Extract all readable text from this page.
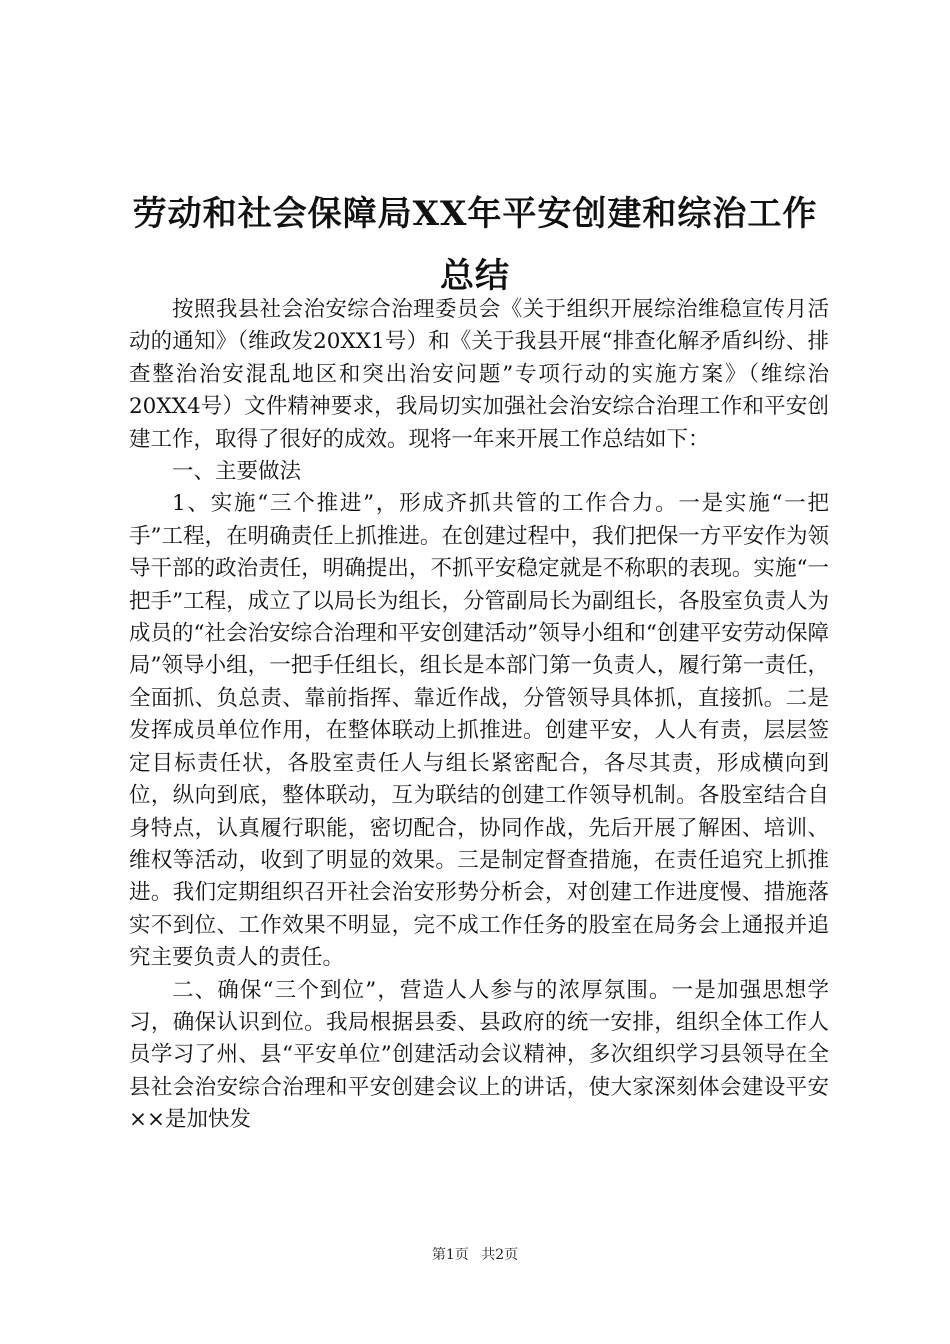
劳动和社会保障局XX年平安创建和综治工作
总结

按照我县社会治安综合治理委员会《关于组织开展综治维稳宣传月活动的通知》（维政发20XX1号）和《关于我县开展“排查化解矛盾纠纷、排查整治治安混乱地区和突出治安问题”专项行动的实施方案》（维综治20XX4号）文件精神要求，我局切实加强社会治安综合治理工作和平安创建工作，取得了很好的成效。现将一年来开展工作总结如下：

一、主要做法

1、实施“三个推进”，形成齐抓共管的工作合力。一是实施“一把手”工程，在明确责任上抓推进。在创建过程中，我们把保一方平安作为领导干部的政治责任，明确提出，不抓平安稳定就是不称职的表现。实施“一把手”工程，成立了以局长为组长，分管副局长为副组长，各股室负责人为成员的“社会治安综合治理和平安创建活动”领导小组和“创建平安劳动保障局”领导小组，一把手任组长，组长是本部门第一负责人，履行第一责任，全面抓、负总责、靠前指挥、靠近作战，分管领导具体抓，直接抓。二是发挥成员单位作用，在整体联动上抓推进。创建平安，人人有责，层层签定目标责任状，各股室责任人与组长紧密配合，各尽其责，形成横向到位，纵向到底，整体联动，互为联结的创建工作领导机制。各股室结合自身特点，认真履行职能，密切配合，协同作战，先后开展了解困、培训、维权等活动，收到了明显的效果。三是制定督查措施，在责任追究上抓推进。我们定期组织召开社会治安形势分析会，对创建工作进度慢、措施落实不到位、工作效果不明显，完不成工作任务的股室在局务会上通报并追究主要负责人的责任。

二、确保“三个到位”，营造人人参与的浓厚氛围。一是加强思想学习，确保认识到位。我局根据县委、县政府的统一安排，组织全体工作人员学习了州、县“平安单位”创建活动会议精神，多次组织学习县领导在全县社会治安综合治理和平安创建会议上的讲话，使大家深刻体会建设平安××是加快发

第1页 共2页
